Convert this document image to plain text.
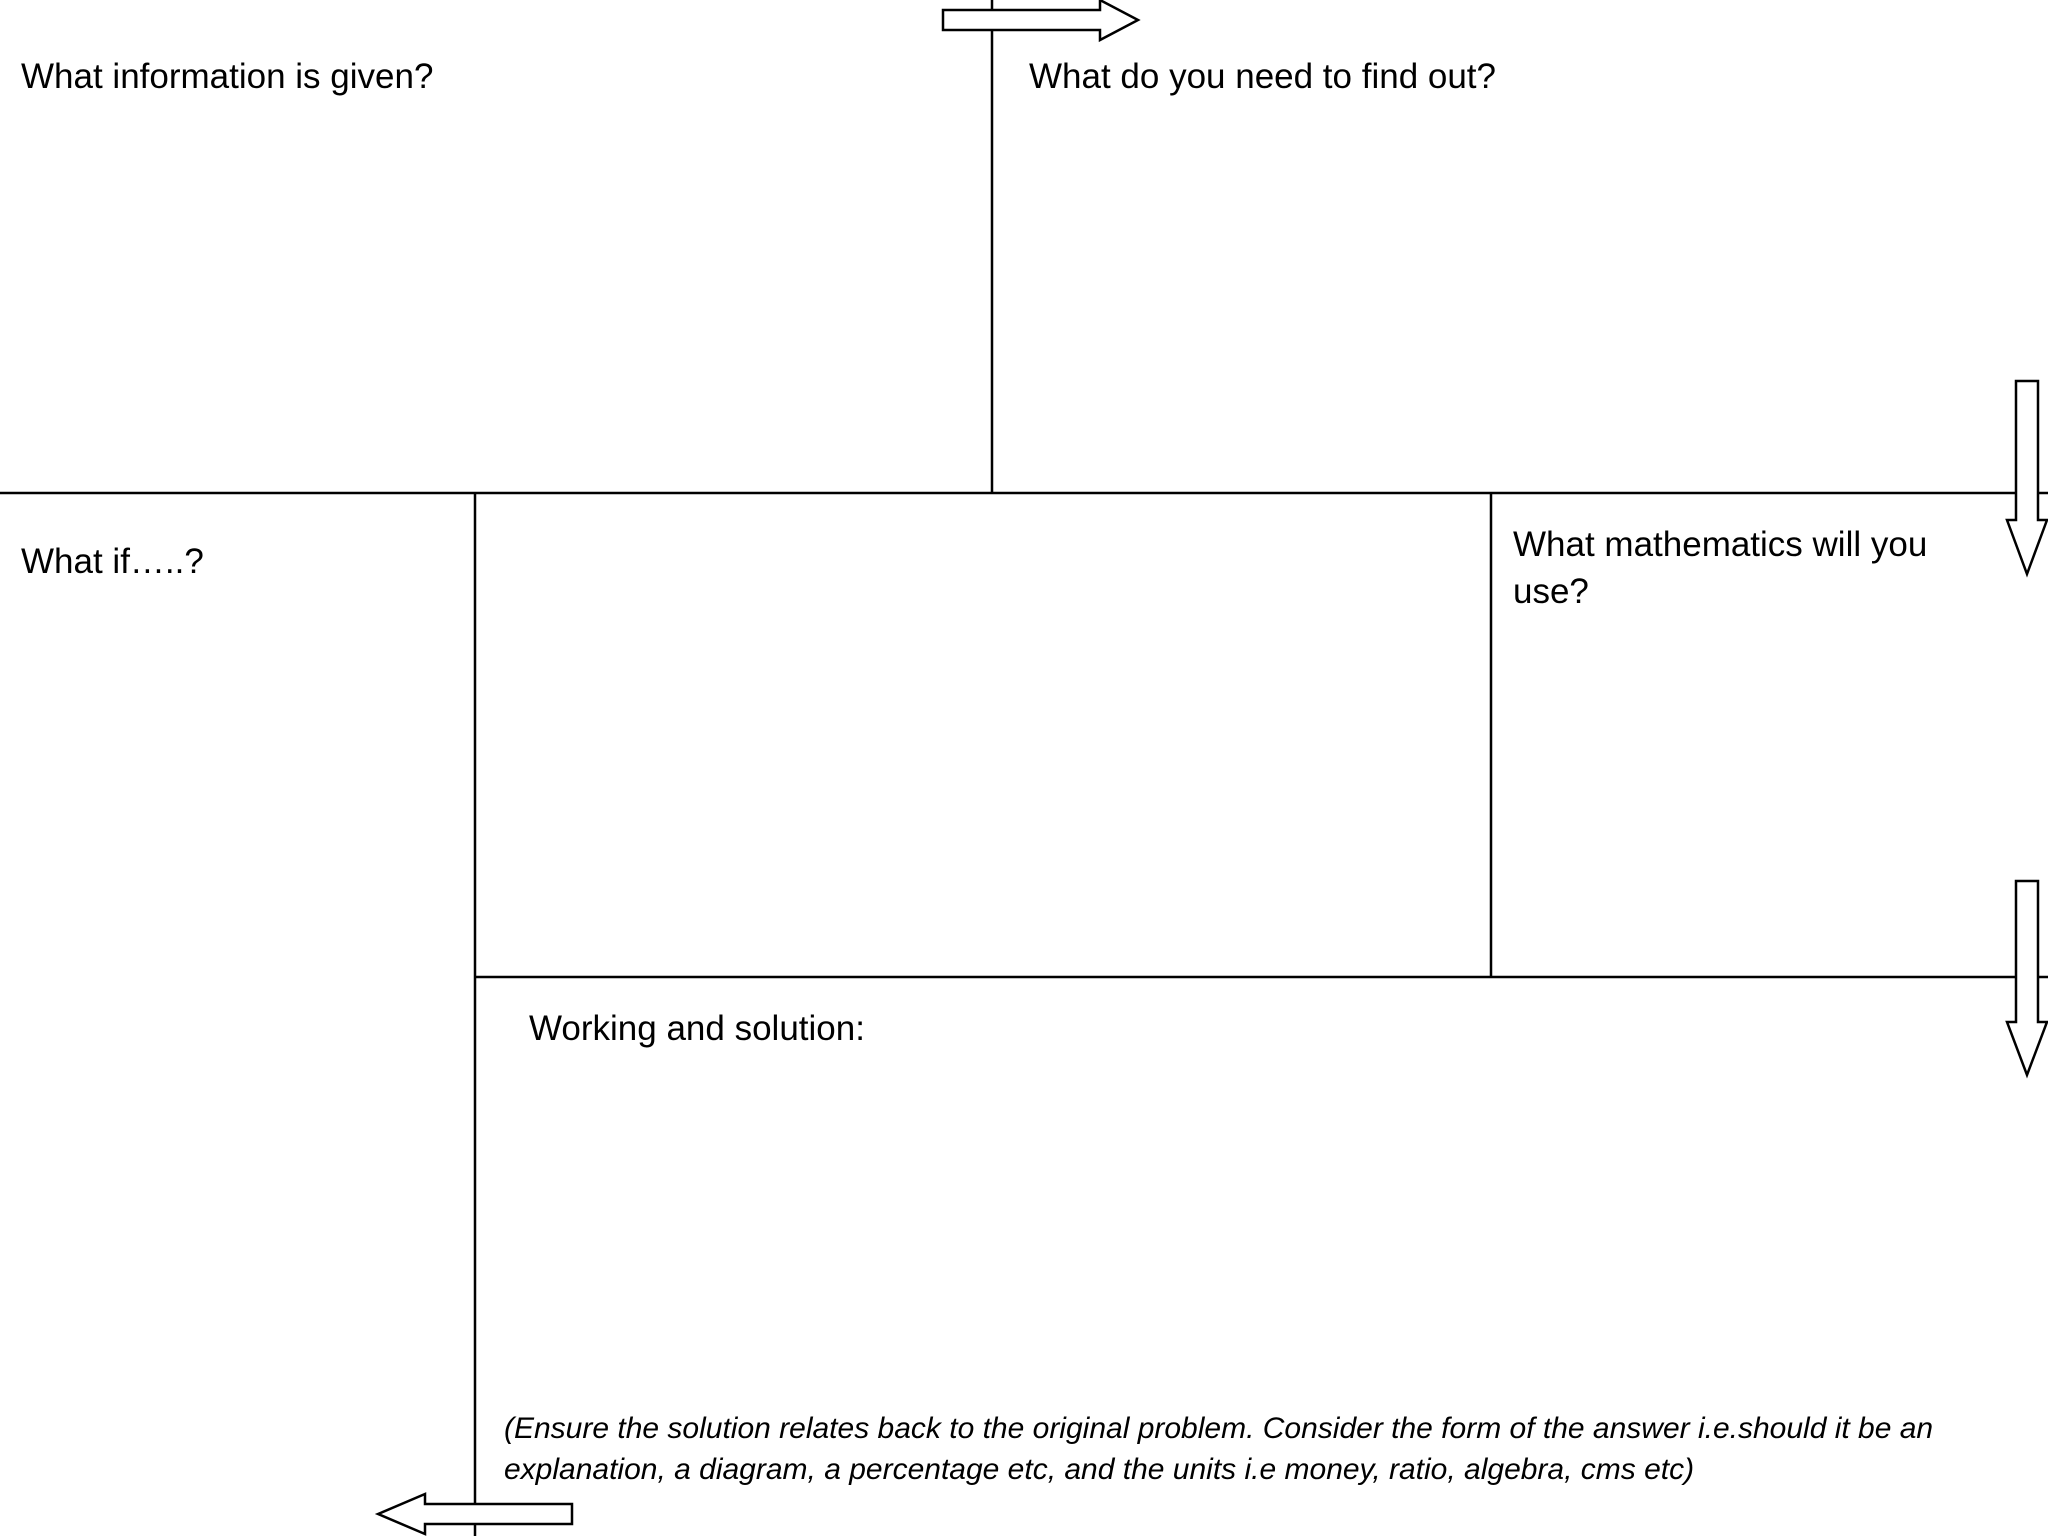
What information is given?	What do you need to find out?
What if…..?	What mathematics will you use?
Working and solution:
(Ensure the solution relates back to the original problem. Consider the form of the answer i.e.should it be an
explanation, a diagram, a percentage etc, and the units i.e money, ratio, algebra, cms etc)
